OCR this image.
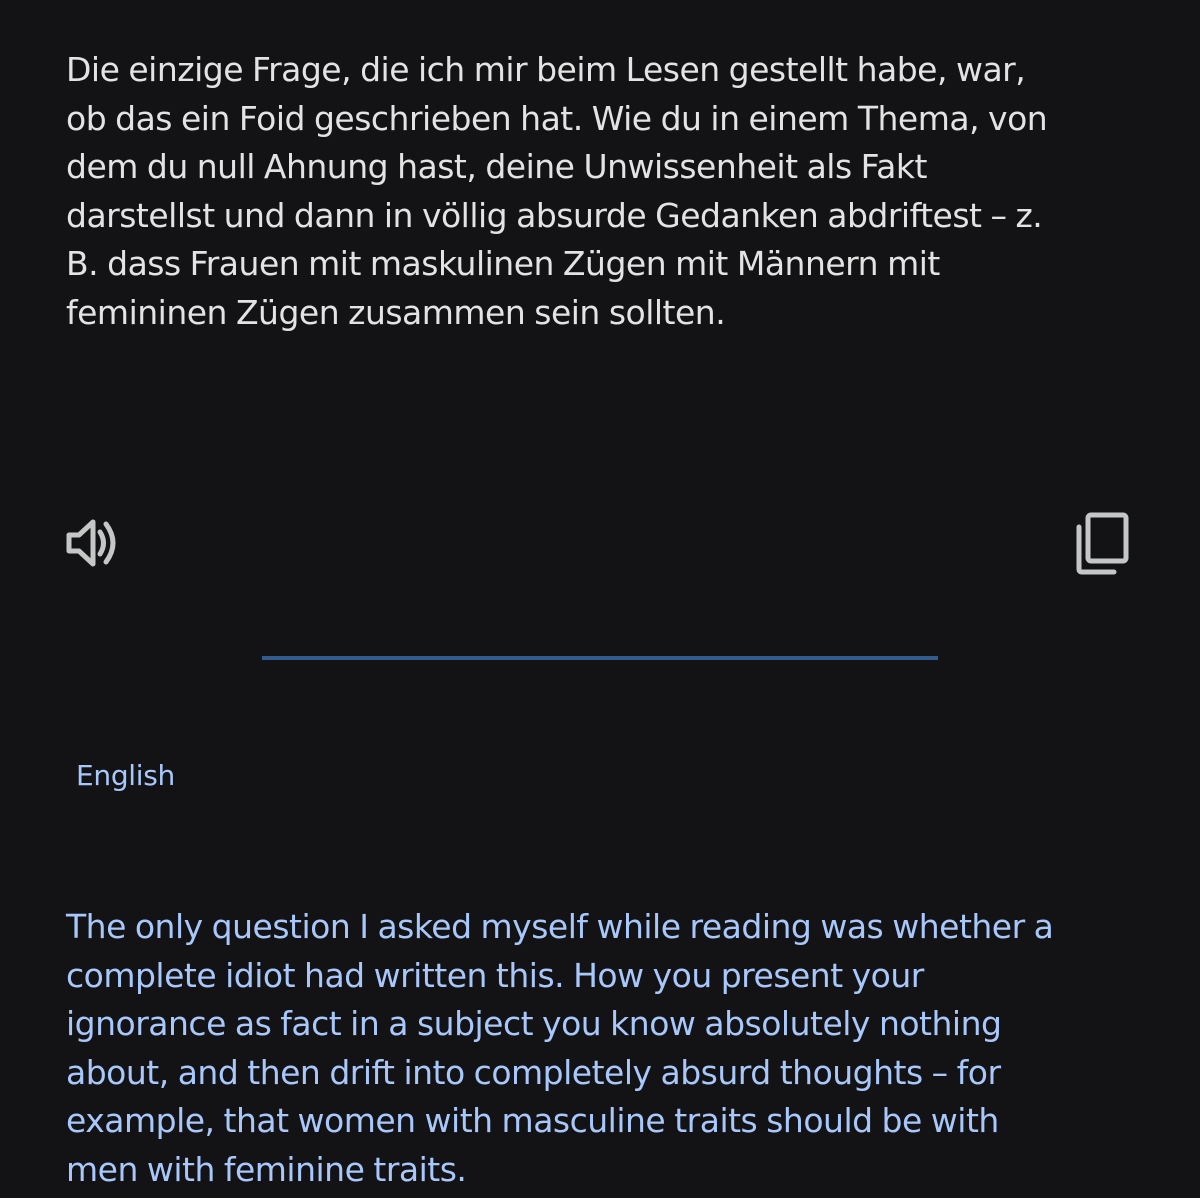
Die einzige Frage, die ich mir beim Lesen gestellt habe, war,
ob das ein Foid geschrieben hat. Wie du in einem Thema, von
dem du null Ahnung hast, deine Unwissenheit als Fakt
darstellst und dann in völlig absurde Gedanken abdriftest – z.
B. dass Frauen mit maskulinen Zügen mit Männern mit
femininen Zügen zusammen sein sollten.

English

The only question I asked myself while reading was whether a
complete idiot had written this. How you present your
ignorance as fact in a subject you know absolutely nothing
about, and then drift into completely absurd thoughts – for
example, that women with masculine traits should be with
men with feminine traits.
